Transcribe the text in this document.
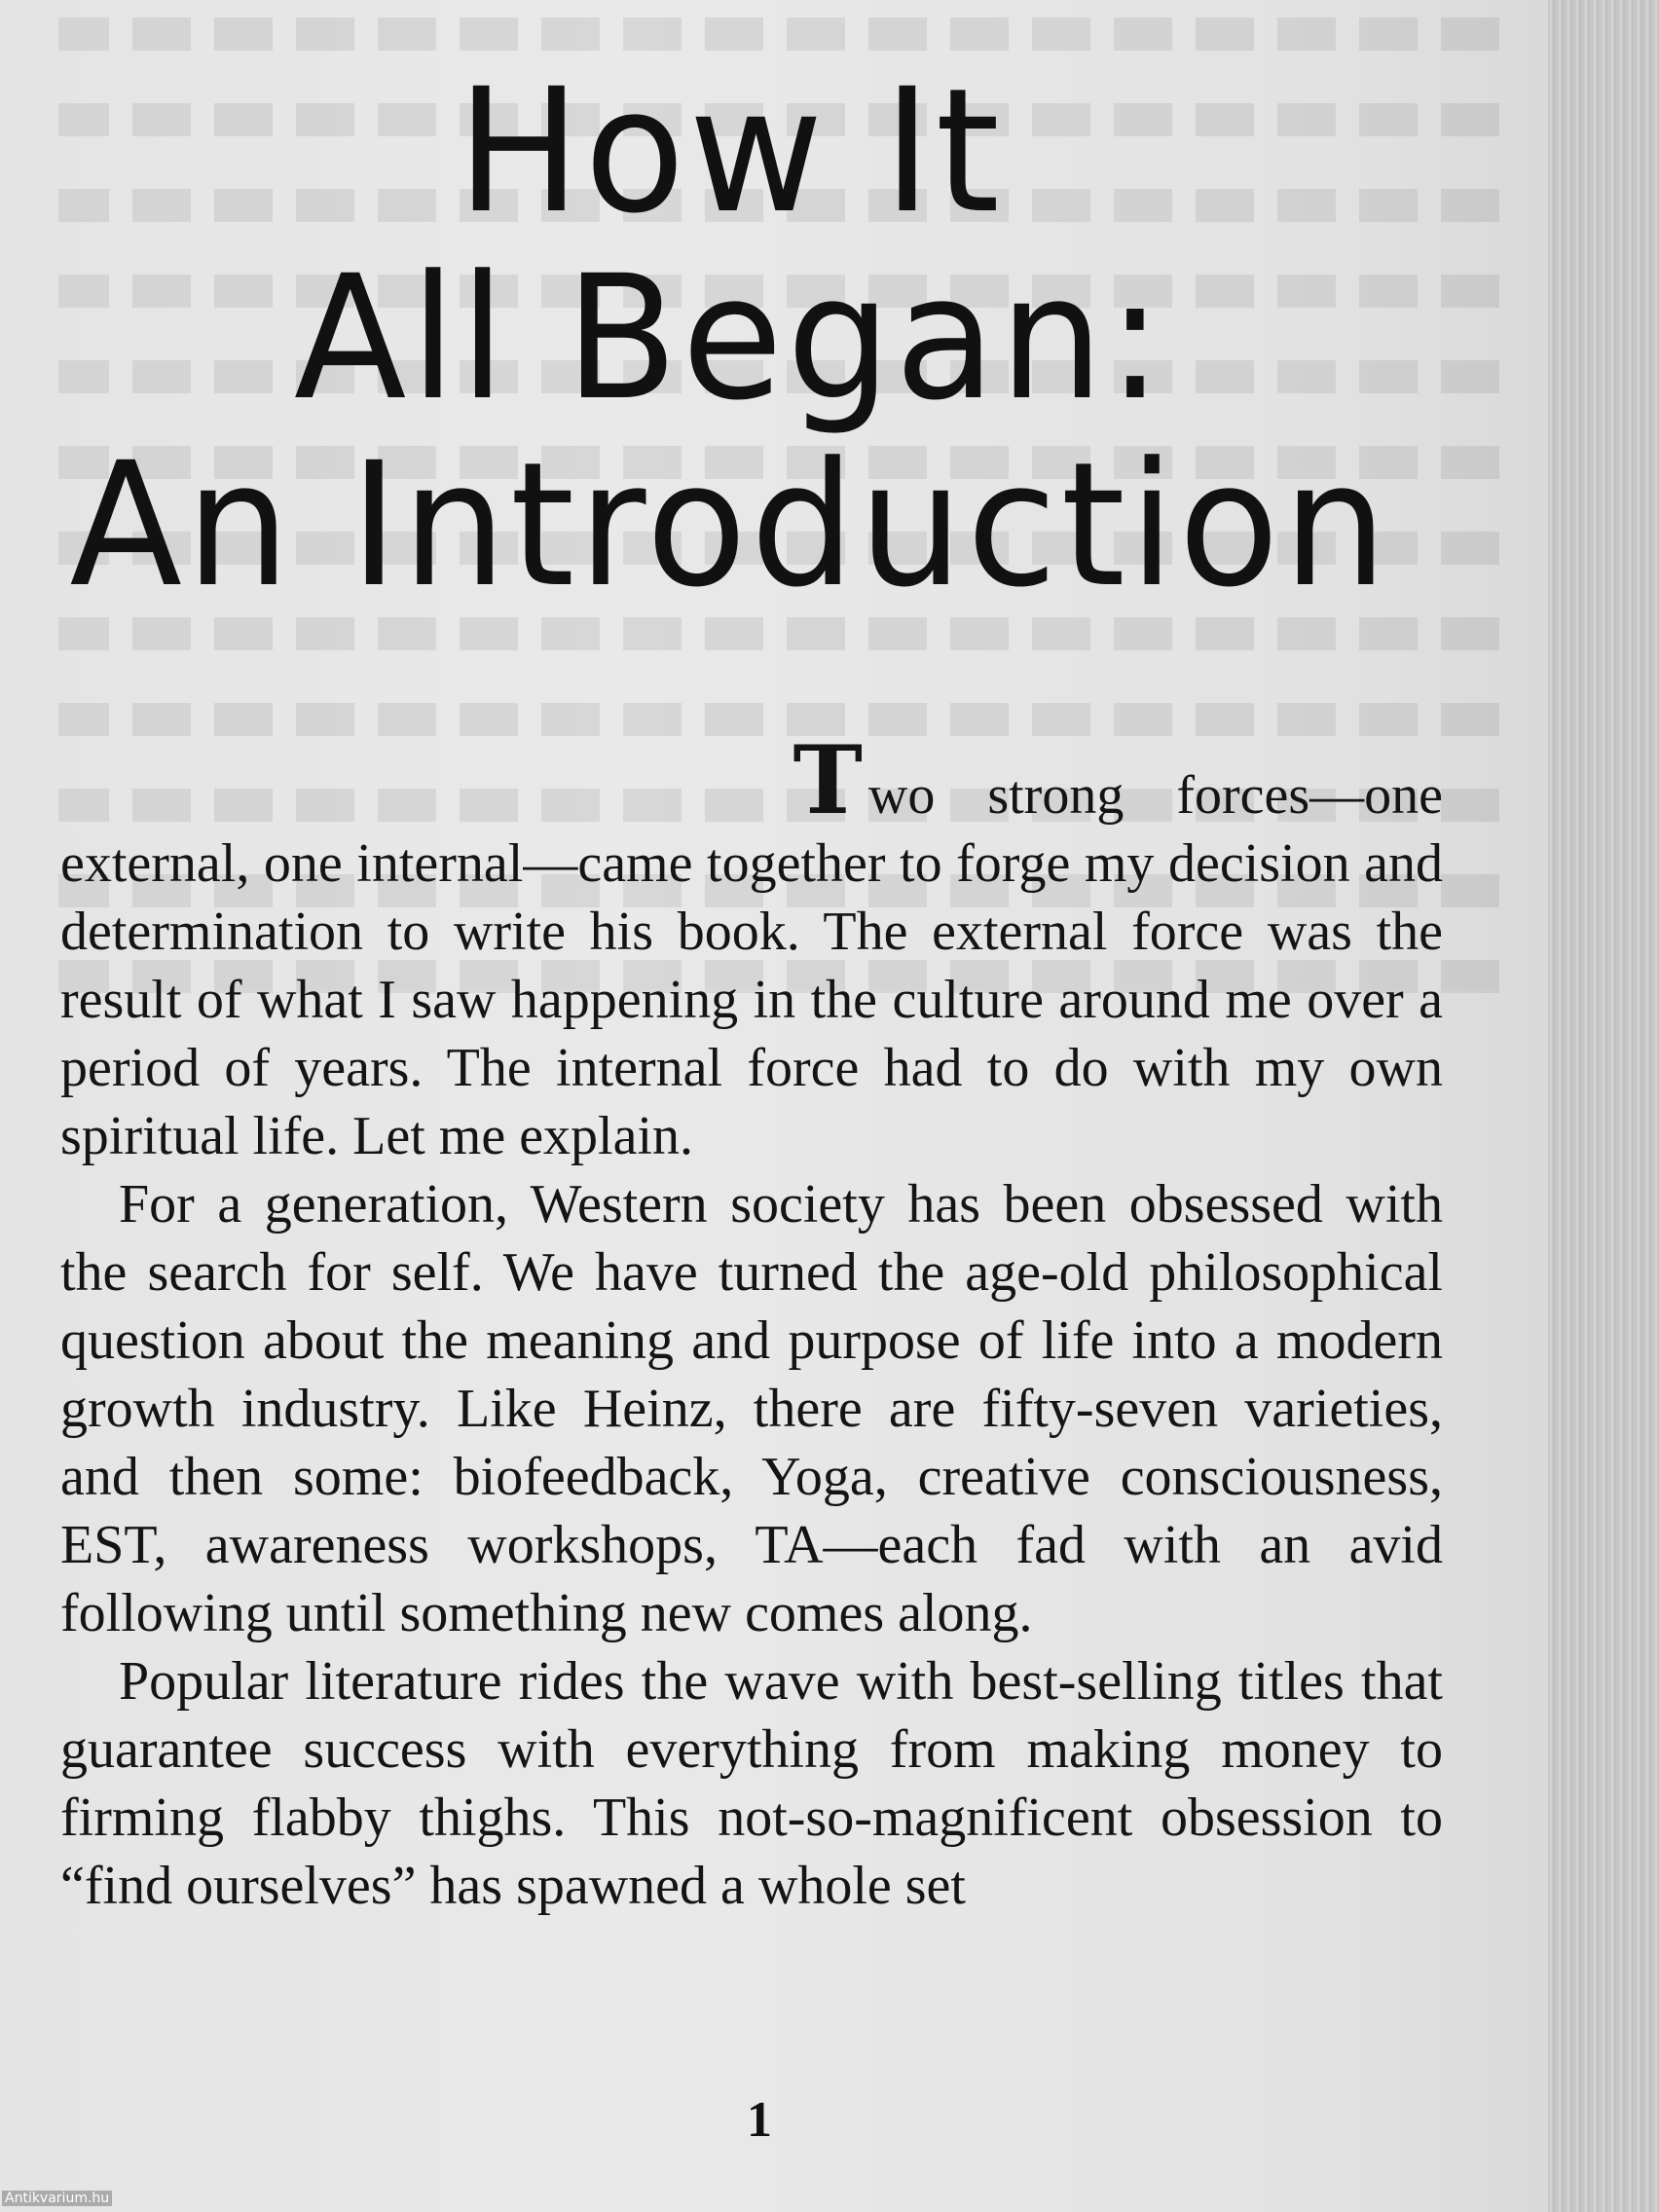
How It
All Began:
An Introduction

Two strong forces—one
external, one internal—came together to forge my decision and determination to write his book. The external force was the result of what I saw happening in the culture around me over a period of years. The internal force had to do with my own spiritual life. Let me explain.

For a generation, Western society has been obsessed with the search for self. We have turned the age-old philosophical question about the meaning and purpose of life into a modern growth industry. Like Heinz, there are fifty-seven varieties, and then some: biofeedback, Yoga, creative consciousness, EST, awareness workshops, TA—each fad with an avid following until something new comes along.

Popular literature rides the wave with best-selling titles that guarantee success with everything from making money to firming flabby thighs. This not-so-magnificent obsession to “find ourselves” has spawned a whole set

1
Antikvarium.hu
